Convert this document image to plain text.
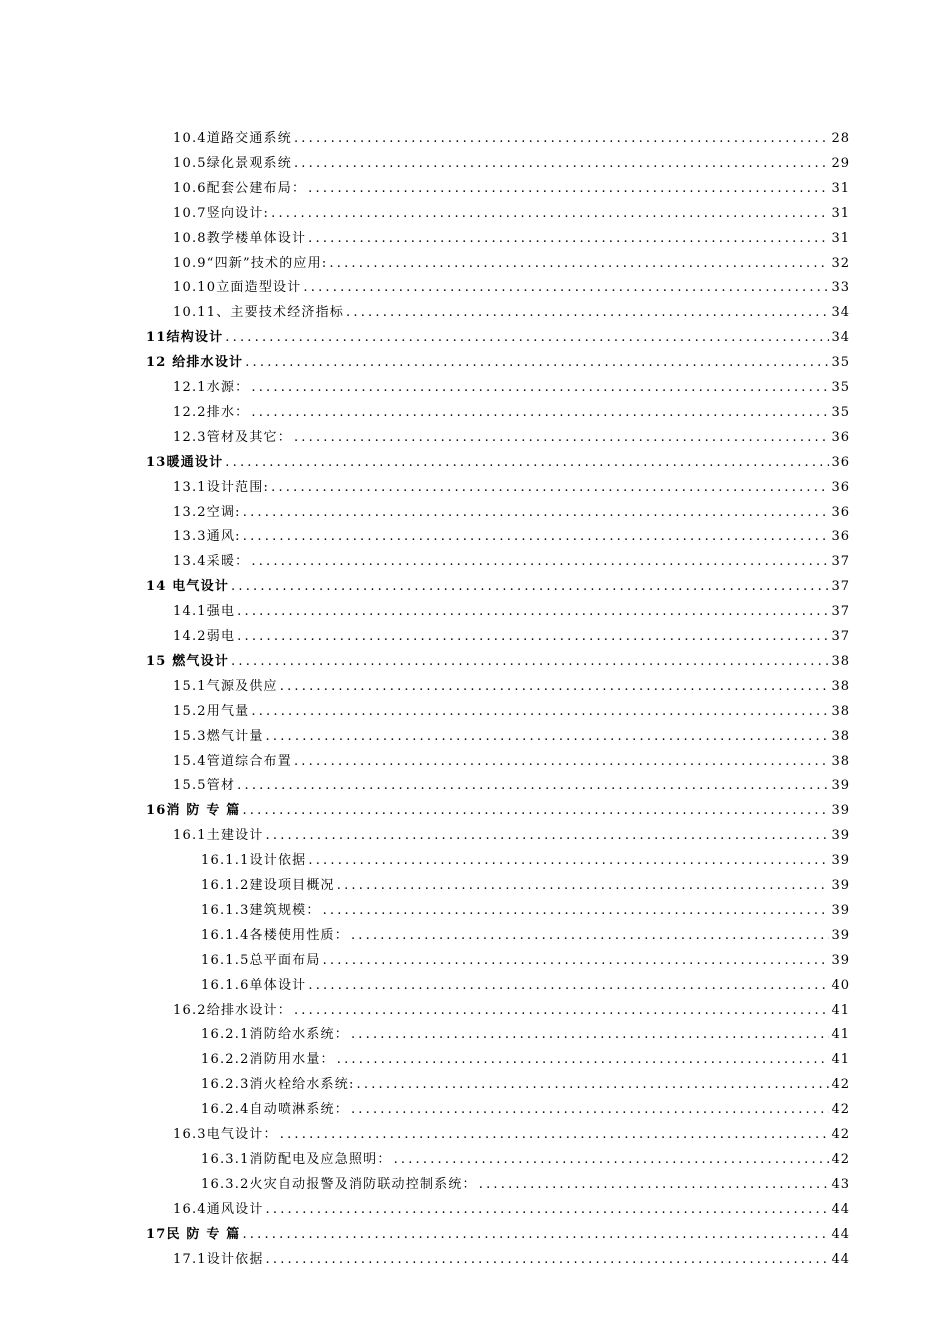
10.4道路交通系统 .....	28
10.5绿化景观系统 .....	29
10.6配套公建布局： .....	31
10.7竖向设计: .....	31
10.8教学楼单体设计 .....	31
10.9“四新”技术的应用: .....	32
10.10立面造型设计 .....	33
10.11、主要技术经济指标 .....	34
11结构设计 .....	34
12 给排水设计 .....	35
12.1水源： .....	35
12.2排水： .....	35
12.3管材及其它： .....	36
13暖通设计 .....	36
13.1设计范围: .....	36
13.2空调: .....	36
13.3通风: .....	36
13.4采暖： .....	37
14 电气设计 .....	37
14.1强电 .....	37
14.2弱电 .....	37
15 燃气设计 .....	38
15.1气源及供应 .....	38
15.2用气量 .....	38
15.3燃气计量 .....	38
15.4管道综合布置 .....	38
15.5管材 .....	39
16消 防 专 篇 .....	39
16.1土建设计 .....	39
16.1.1设计依据 .....	39
16.1.2建设项目概况 .....	39
16.1.3建筑规模： .....	39
16.1.4各楼使用性质： .....	39
16.1.5总平面布局 .....	39
16.1.6单体设计 .....	40
16.2给排水设计： .....	41
16.2.1消防给水系统： .....	41
16.2.2消防用水量： .....	41
16.2.3消火栓给水系统: .....	42
16.2.4自动喷淋系统： .....	42
16.3电气设计： .....	42
16.3.1消防配电及应急照明： .....	42
16.3.2火灾自动报警及消防联动控制系统： .....	43
16.4通风设计 .....	44
17民 防 专 篇 .....	44
17.1设计依据 .....	44
